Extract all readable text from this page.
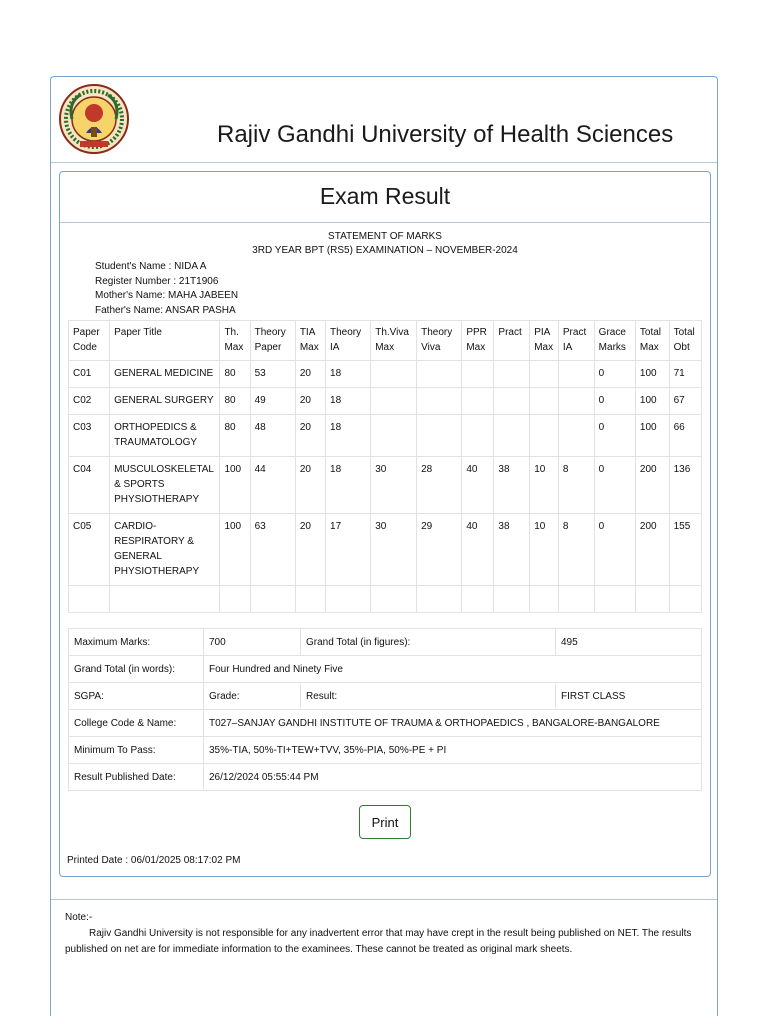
Rajiv Gandhi University of Health Sciences
Exam Result
STATEMENT OF MARKS
3RD YEAR BPT (RS5) EXAMINATION – NOVEMBER-2024
Student's Name : NIDA A
Register Number : 21T1906
Mother's Name: MAHA JABEEN
Father's Name: ANSAR PASHA
Paper Code	Paper Title	Th. Max	Theory Paper	TIA Max	Theory IA	Th.Viva Max	Theory Viva	PPR Max	Pract	PIA Max	Pract IA	Grace Marks	Total Max	Total Obt
C01	GENERAL MEDICINE	80	53	20	18							0	100	71
C02	GENERAL SURGERY	80	49	20	18							0	100	67
C03	ORTHOPEDICS & TRAUMATOLOGY	80	48	20	18							0	100	66
C04	MUSCULOSKELETAL & SPORTS PHYSIOTHERAPY	100	44	20	18	30	28	40	38	10	8	0	200	136
C05	CARDIO-RESPIRATORY & GENERAL PHYSIOTHERAPY	100	63	20	17	30	29	40	38	10	8	0	200	155

Maximum Marks:	700	Grand Total (in figures):	495
Grand Total (in words):	Four Hundred and Ninety Five		
SGPA:	Grade:	Result:	FIRST CLASS
College Code & Name:	T027–SANJAY GANDHI INSTITUTE OF TRAUMA & ORTHOPAEDICS , BANGALORE-BANGALORE		
Minimum To Pass:	35%-TIA, 50%-TI+TEW+TVV, 35%-PIA, 50%-PE + PI		
Result Published Date:	26/12/2024 05:55:44 PM		
Print
Printed Date : 06/01/2025 08:17:02 PM
Note:-

Rajiv Gandhi University is not responsible for any inadvertent error that may have crept in the result being published on NET. The results published on net are for immediate information to the examinees. These cannot be treated as original mark sheets.
